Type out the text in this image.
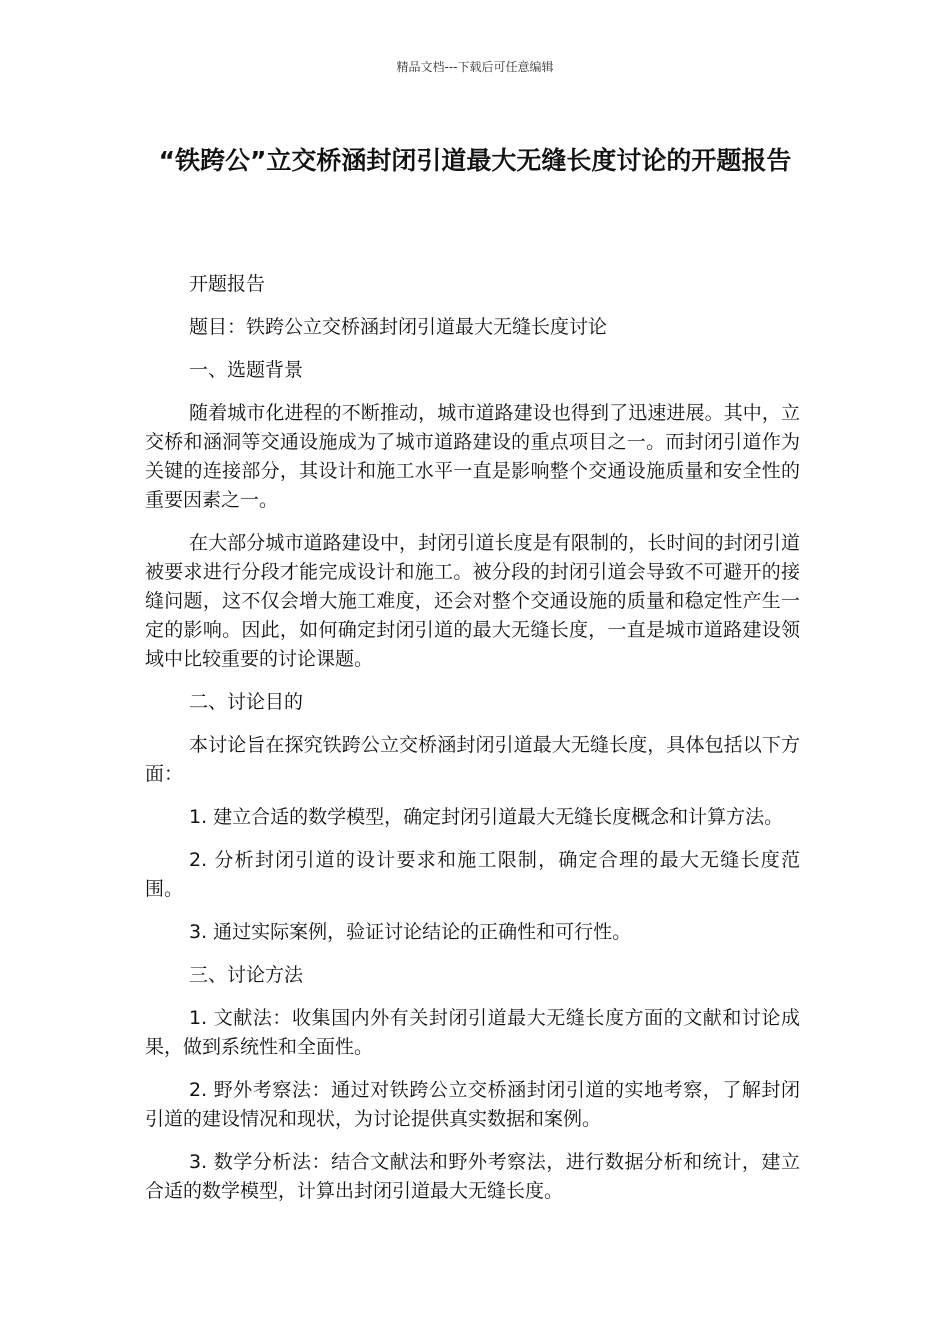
精品文档---下载后可任意编辑
“铁跨公”立交桥涵封闭引道最大无缝长度讨论的开题报告

开题报告

题目：铁跨公立交桥涵封闭引道最大无缝长度讨论

一、选题背景

随着城市化进程的不断推动，城市道路建设也得到了迅速进展。其中，立交桥和涵洞等交通设施成为了城市道路建设的重点项目之一。而封闭引道作为关键的连接部分，其设计和施工水平一直是影响整个交通设施质量和安全性的重要因素之一。

在大部分城市道路建设中，封闭引道长度是有限制的，长时间的封闭引道被要求进行分段才能完成设计和施工。被分段的封闭引道会导致不可避开的接缝问题，这不仅会增大施工难度，还会对整个交通设施的质量和稳定性产生一定的影响。因此，如何确定封闭引道的最大无缝长度，一直是城市道路建设领域中比较重要的讨论课题。

二、讨论目的

本讨论旨在探究铁跨公立交桥涵封闭引道最大无缝长度，具体包括以下方面：

1. 建立合适的数学模型，确定封闭引道最大无缝长度概念和计算方法。

2. 分析封闭引道的设计要求和施工限制，确定合理的最大无缝长度范围。

3. 通过实际案例，验证讨论结论的正确性和可行性。

三、讨论方法

1. 文献法：收集国内外有关封闭引道最大无缝长度方面的文献和讨论成果，做到系统性和全面性。

2. 野外考察法：通过对铁跨公立交桥涵封闭引道的实地考察，了解封闭引道的建设情况和现状，为讨论提供真实数据和案例。

3. 数学分析法：结合文献法和野外考察法，进行数据分析和统计，建立合适的数学模型，计算出封闭引道最大无缝长度。
